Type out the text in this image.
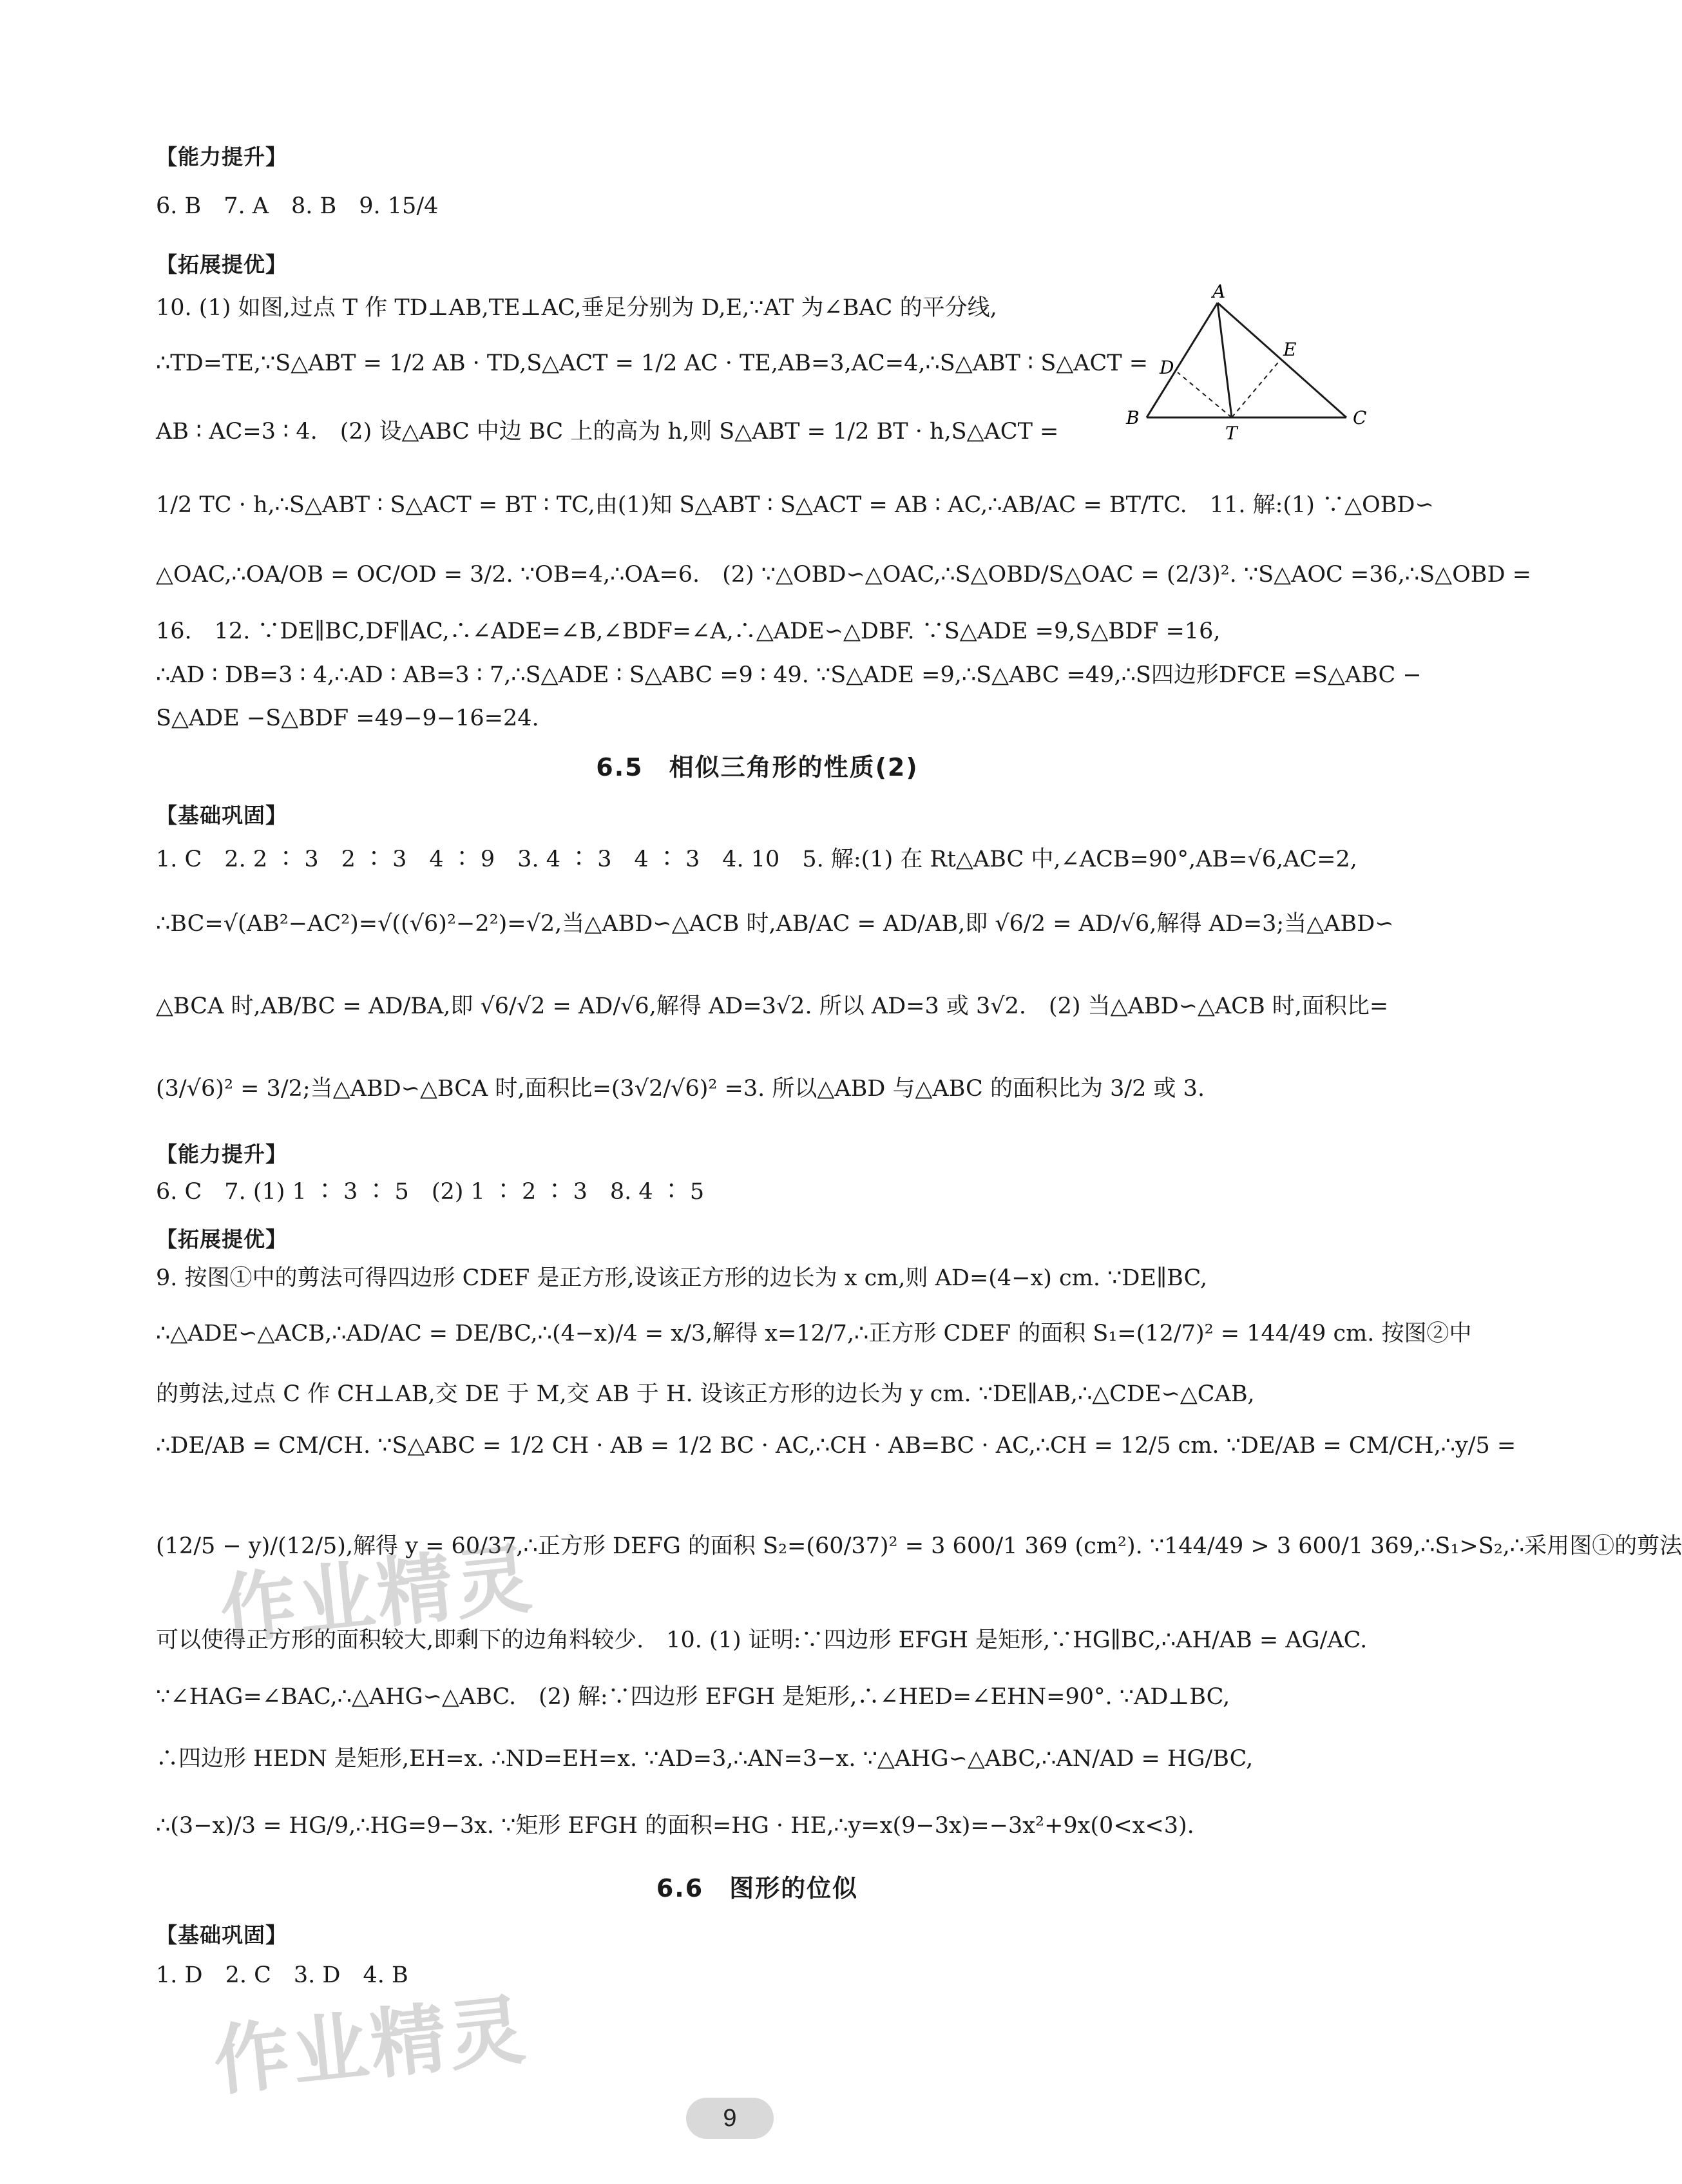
【能力提升】
6. B　7. A　8. B　9. 15/4
【拓展提优】
10. (1) 如图,过点 T 作 TD⊥AB,TE⊥AC,垂足分别为 D,E,∵AT 为∠BAC 的平分线,
∴TD=TE,∵S△ABT = 1/2 AB · TD,S△ACT = 1/2 AC · TE,AB=3,AC=4,∴S△ABT ∶ S△ACT =
AB ∶ AC=3 ∶ 4.　(2) 设△ABC 中边 BC 上的高为 h,则 S△ABT = 1/2 BT · h,S△ACT =
1/2 TC · h,∴S△ABT ∶ S△ACT = BT ∶ TC,由(1)知 S△ABT ∶ S△ACT = AB ∶ AC,∴AB/AC = BT/TC.　11. 解:(1) ∵△OBD∽
△OAC,∴OA/OB = OC/OD = 3/2. ∵OB=4,∴OA=6.　(2) ∵△OBD∽△OAC,∴S△OBD/S△OAC = (2/3)². ∵S△AOC =36,∴S△OBD =
16.　12. ∵DE∥BC,DF∥AC,∴∠ADE=∠B,∠BDF=∠A,∴△ADE∽△DBF. ∵S△ADE =9,S△BDF =16,
∴AD ∶ DB=3 ∶ 4,∴AD ∶ AB=3 ∶ 7,∴S△ADE ∶ S△ABC =9 ∶ 49. ∵S△ADE =9,∴S△ABC =49,∴S四边形DFCE =S△ABC −
S△ADE −S△BDF =49−9−16=24.
A
B	C
D
E
T
6.5　相似三角形的性质(2)
【基础巩固】
1. C　2. 2 ∶ 3　2 ∶ 3　4 ∶ 9　3. 4 ∶ 3　4 ∶ 3　4. 10　5. 解:(1) 在 Rt△ABC 中,∠ACB=90°,AB=√6,AC=2,
∴BC=√(AB²−AC²)=√((√6)²−2²)=√2,当△ABD∽△ACB 时,AB/AC = AD/AB,即 √6/2 = AD/√6,解得 AD=3;当△ABD∽
△BCA 时,AB/BC = AD/BA,即 √6/√2 = AD/√6,解得 AD=3√2. 所以 AD=3 或 3√2.　(2) 当△ABD∽△ACB 时,面积比=
(3/√6)² = 3/2;当△ABD∽△BCA 时,面积比=(3√2/√6)² =3. 所以△ABD 与△ABC 的面积比为 3/2 或 3.
【能力提升】
6. C　7. (1) 1 ∶ 3 ∶ 5　(2) 1 ∶ 2 ∶ 3　8. 4 ∶ 5
【拓展提优】
9. 按图①中的剪法可得四边形 CDEF 是正方形,设该正方形的边长为 x cm,则 AD=(4−x) cm. ∵DE∥BC,
∴△ADE∽△ACB,∴AD/AC = DE/BC,∴(4−x)/4 = x/3,解得 x=12/7,∴正方形 CDEF 的面积 S₁=(12/7)² = 144/49 cm. 按图②中
的剪法,过点 C 作 CH⊥AB,交 DE 于 M,交 AB 于 H. 设该正方形的边长为 y cm. ∵DE∥AB,∴△CDE∽△CAB,
∴DE/AB = CM/CH. ∵S△ABC = 1/2 CH · AB = 1/2 BC · AC,∴CH · AB=BC · AC,∴CH = 12/5 cm. ∵DE/AB = CM/CH,∴y/5 =
(12/5 − y)/(12/5),解得 y = 60/37,∴正方形 DEFG 的面积 S₂=(60/37)² = 3 600/1 369 (cm²). ∵144/49 > 3 600/1 369,∴S₁>S₂,∴采用图①的剪法
可以使得正方形的面积较大,即剩下的边角料较少.　10. (1) 证明:∵四边形 EFGH 是矩形,∵HG∥BC,∴AH/AB = AG/AC.
∵∠HAG=∠BAC,∴△AHG∽△ABC.　(2) 解:∵四边形 EFGH 是矩形,∴∠HED=∠EHN=90°. ∵AD⊥BC,
∴四边形 HEDN 是矩形,EH=x. ∴ND=EH=x. ∵AD=3,∴AN=3−x. ∵△AHG∽△ABC,∴AN/AD = HG/BC,
∴(3−x)/3 = HG/9,∴HG=9−3x. ∵矩形 EFGH 的面积=HG · HE,∴y=x(9−3x)=−3x²+9x(0<x<3).
6.6　图形的位似
【基础巩固】
1. D　2. C　3. D　4. B
作业精灵
作业精灵
9
